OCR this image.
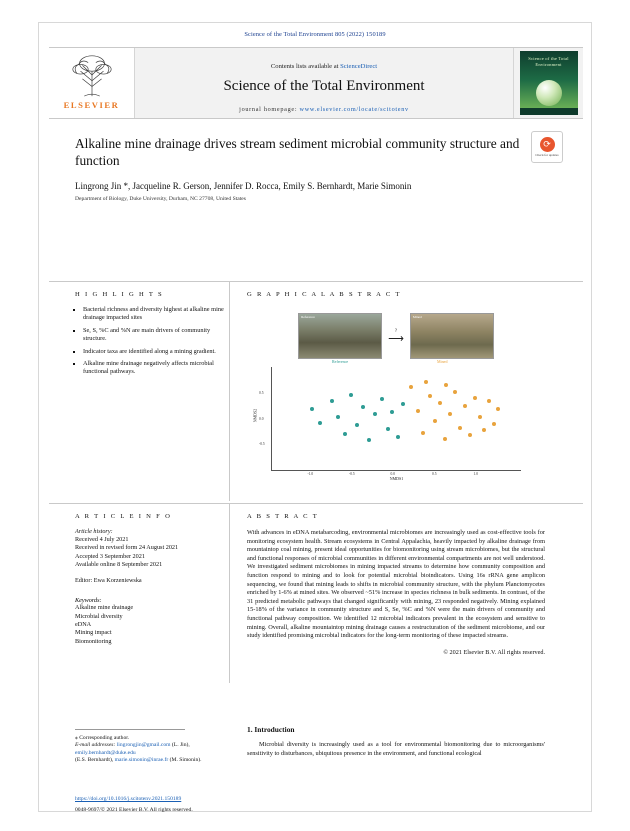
Science of the Total Environment 805 (2022) 150189
ELSEVIER
Contents lists available at ScienceDirect
Science of the Total Environment
journal homepage: www.elsevier.com/locate/scitotenv
Science of the Total Environment
Alkaline mine drainage drives stream sediment microbial community structure and function
Lingrong Jin *, Jacqueline R. Gerson, Jennifer D. Rocca, Emily S. Bernhardt, Marie Simonin
Department of Biology, Duke University, Durham, NC 27708, United States
⟳
Check for updates
H I G H L I G H T S
▪ Bacterial richness and diversity highest at alkaline mine drainage impacted sites
▪ Se, S, %C and %N are main drivers of community structure.
▪ Indicator taxa are identified along a mining gradient.
▪ Alkaline mine drainage negatively affects microbial functional pathways.
G R A P H I C A L A B S T R A C T
Reference
?
⟶
Mined
NMDS2
NMDS1
Reference	Mined
-1.0	-0.5	0.0	0.5	1.0
-0.5
0.0
0.5
A R T I C L E I N F O
Article history:
Received 4 July 2021
Received in revised form 24 August 2021
Accepted 3 September 2021
Available online 8 September 2021
Editor: Ewa Korzeniewska
Keywords:
Alkaline mine drainage
Microbial diversity
eDNA
Mining impact
Biomonitoring
A B S T R A C T
With advances in eDNA metabarcoding, environmental microbiomes are increasingly used as cost-effective tools for monitoring ecosystem health. Stream ecosystems in Central Appalachia, heavily impacted by alkaline drainage from mountaintop coal mining, present ideal opportunities for biomonitoring using stream microbiomes, but the structural and functional responses of microbial communities in different environmental compartments are not well understood. We investigated sediment microbiomes in mining impacted streams to determine how community composition and function respond to mining and to look for potential microbial bioindicators. Using 16s rRNA gene amplicon sequencing, we found that mining leads to shifts in microbial community structure, with the phylum Planctomycetes enriched by 1-6% at mined sites. We observed ~51% increase in species richness in bulk sediments. In contrast, of the 31 predicted metabolic pathways that changed significantly with mining, 23 responded negatively. Mining explained 15-18% of the variance in community structure and S, Se, %C and %N were the main drivers of community and functional pathway composition. We identified 12 microbial indicators prevalent in the ecosystem and sensitive to mining. Overall, alkaline mountaintop mining drainage causes a restructuration of the sediment microbiome, and our study identified promising microbial indicators for the long-term monitoring of these impacted streams.
© 2021 Elsevier B.V. All rights reserved.
⁎ Corresponding author.
E-mail addresses: lingrongjin@gmail.com (L. Jin), emily.bernhardt@duke.edu
(E.S. Bernhardt), marie.simonin@inrae.fr (M. Simonin).
https://doi.org/10.1016/j.scitotenv.2021.150189
0048-9697/© 2021 Elsevier B.V. All rights reserved.
1. Introduction
Microbial diversity is increasingly used as a tool for environmental biomonitoring due to microorganisms' sensitivity to disturbances, ubiquitous presence in the environment, and functional ecological
